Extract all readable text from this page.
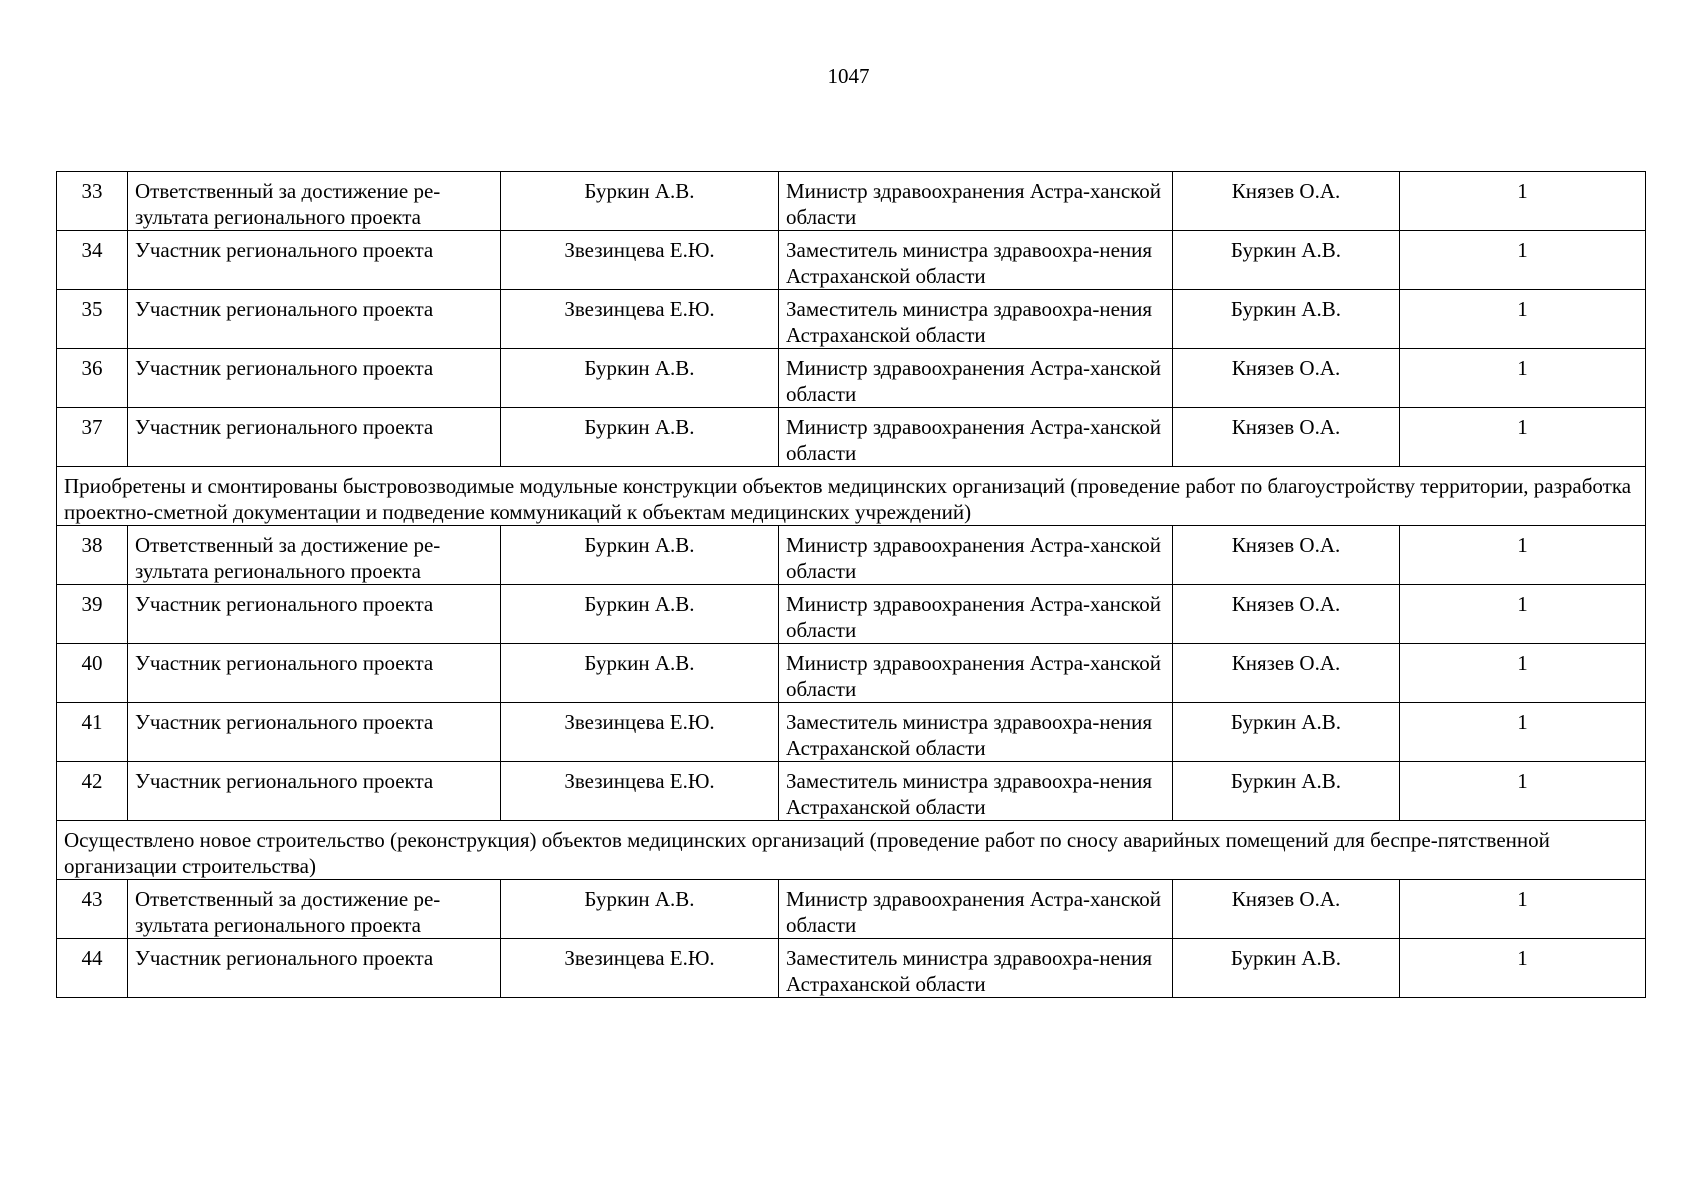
1047
33	Ответственный за достижение ре-зультата регионального проекта	Буркин А.В.	Министр здравоохранения Астра-ханской области	Князев О.А.	1
34	Участник регионального проекта	Звезинцева Е.Ю.	Заместитель министра здравоохра-нения Астраханской области	Буркин А.В.	1
35	Участник регионального проекта	Звезинцева Е.Ю.	Заместитель министра здравоохра-нения Астраханской области	Буркин А.В.	1
36	Участник регионального проекта	Буркин А.В.	Министр здравоохранения Астра-ханской области	Князев О.А.	1
37	Участник регионального проекта	Буркин А.В.	Министр здравоохранения Астра-ханской области	Князев О.А.	1
Приобретены и смонтированы быстровозводимые модульные конструкции объектов медицинских организаций (проведение работ по благоустройству территории, разработка проектно-сметной документации и подведение коммуникаций к объектам медицинских учреждений)					
38	Ответственный за достижение ре-зультата регионального проекта	Буркин А.В.	Министр здравоохранения Астра-ханской области	Князев О.А.	1
39	Участник регионального проекта	Буркин А.В.	Министр здравоохранения Астра-ханской области	Князев О.А.	1
40	Участник регионального проекта	Буркин А.В.	Министр здравоохранения Астра-ханской области	Князев О.А.	1
41	Участник регионального проекта	Звезинцева Е.Ю.	Заместитель министра здравоохра-нения Астраханской области	Буркин А.В.	1
42	Участник регионального проекта	Звезинцева Е.Ю.	Заместитель министра здравоохра-нения Астраханской области	Буркин А.В.	1
Осуществлено новое строительство (реконструкция) объектов медицинских организаций (проведение работ по сносу аварийных помещений для беспре-пятственной организации строительства)					
43	Ответственный за достижение ре-зультата регионального проекта	Буркин А.В.	Министр здравоохранения Астра-ханской области	Князев О.А.	1
44	Участник регионального проекта	Звезинцева Е.Ю.	Заместитель министра здравоохра-нения Астраханской области	Буркин А.В.	1
